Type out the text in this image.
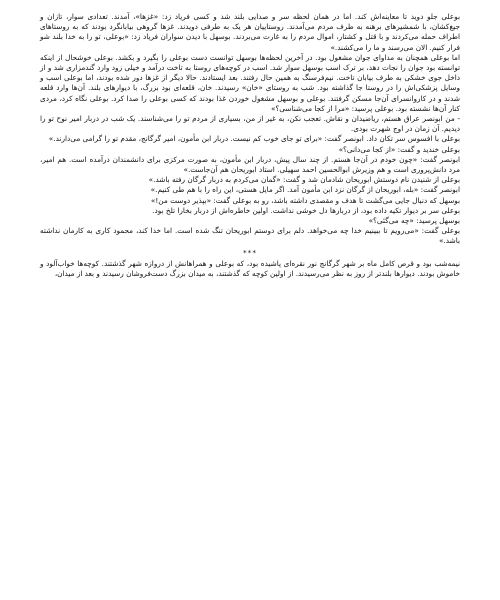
بوعلی جلو دوید تا معاینه‌اش کند. اما در همان لحظه سر و صدایی بلند شد و کسی فریاد زد: «غزها»، آمدند. تعدادی سوار، تازان و جیغ‌کشان، با شمشیرهای برهنه به طرف مردم می‌آمدند. روستاییان هر یک به طرفی دویدند. غزها گروهی بیابانگرد بودند که به روستاهای اطراف حمله می‌کردند و با قتل و کشتار، اموال مردم را به غارت می‌بردند. بوسهل با دیدن سواران فریاد زد: «بوعلی، تو را به خدا بلند شو فرار کنیم. الان می‌رسند و ما را می‌کشند.»

اما بوعلی همچنان به مداوای جوان مشغول بود. در آخرین لحظه‌ها بوسهل توانست دست بوعلی را بگیرد و بکشد. بوعلی خوشحال از اینکه توانسته بود جوان را نجات دهد، بر ترک اسب بوسهل سوار شد. اسب در کوچه‌های روستا به تاخت درآمد و خیلی زود وارد گندمزاری شد و از داخل جوی خشکی به طرف بیابان تاخت. نیم‌فرسنگ به همین حال رفتند. بعد ایستادند. حالا دیگر از غزها دور شده بودند، اما بوعلی اسب و وسایل پزشکی‌اش را در روستا جا گذاشته بود. شب به روستای «خان» رسیدند. خان، قلعه‌ای بود بزرگ، با دیوارهای بلند. آن‌ها وارد قلعه شدند و در کاروانسرای آن‌جا مسکن گرفتند. بوعلی و بوسهل مشغول خوردن غذا بودند که کسی بوعلی را صدا کرد. بوعلی نگاه کرد، مردی کنار آن‌ها نشسته بود. بوعلی پرسید: «مرا از کجا می‌شناسی؟»

- من ابونصر عراق هستم، ریاضیدان و نقاش. تعجب نکن، به غیر از من، بسیاری از مردم تو را می‌شناسند. یک شب در دربار امیر نوح تو را دیدیم. آن زمان در اوج شهرت بودی.

بوعلی با افسوس سر تکان داد. ابونصر گفت: «برای تو جای خوب کم نیست. دربار ابن مأمون، امیر گرگانج، مقدم تو را گرامی می‌دارند.»

بوعلی خندید و گفت: «از کجا می‌دانی؟»

ابونصر گفت: «چون خودم در آن‌جا هستم. از چند سال پیش، دربار ابن مأمون، به صورت مرکزی برای دانشمندان درآمده است. هم امیر، مرد دانش‌پروری است و هم وزیرش ابوالحسین احمد سهیلی. استاد ابوریحان هم آن‌جاست.»

بوعلی از شنیدن نام دوستش ابوریحان شادمان شد و گفت: «گمان می‌کردم به دربار گرگان رفته باشد.»

ابونصر گفت: «بله، ابوریحان از گرگان نزد ابن مأمون آمد. اگر مایل هستی، این راه را با هم طی کنیم.»

بوسهل که دنبال جایی می‌گشت تا هدف و مقصدی داشته باشد، رو به بوعلی گفت: «بپذیر دوست من!»

بوعلی سر بر دیوار تکیه داده بود، از دربارها دل خوشی نداشت. اولین خاطره‌اش از دربار بخارا تلخ بود.

بوسهل پرسید: «چه می‌گئی؟»

بوعلی گفت: «می‌رویم تا ببینیم خدا چه می‌خواهد. دلم برای دوستم ابوریحان تنگ شده است. اما خدا کند، محمود کاری به کارمان نداشته باشد.»

***

نیمه‌شب بود و قرص کامل ماه بر شهر گرگانج نور نقره‌ای پاشیده بود، که بوعلی و همراهانش از دروازه شهر گذشتند. کوچه‌ها خواب‌آلود و خاموش بودند. دیوارها بلندتر از روز به نظر می‌رسیدند. از اولین کوچه که گذشتند، به میدان بزرگ دست‌فروشان رسیدند و بعد از میدان،
